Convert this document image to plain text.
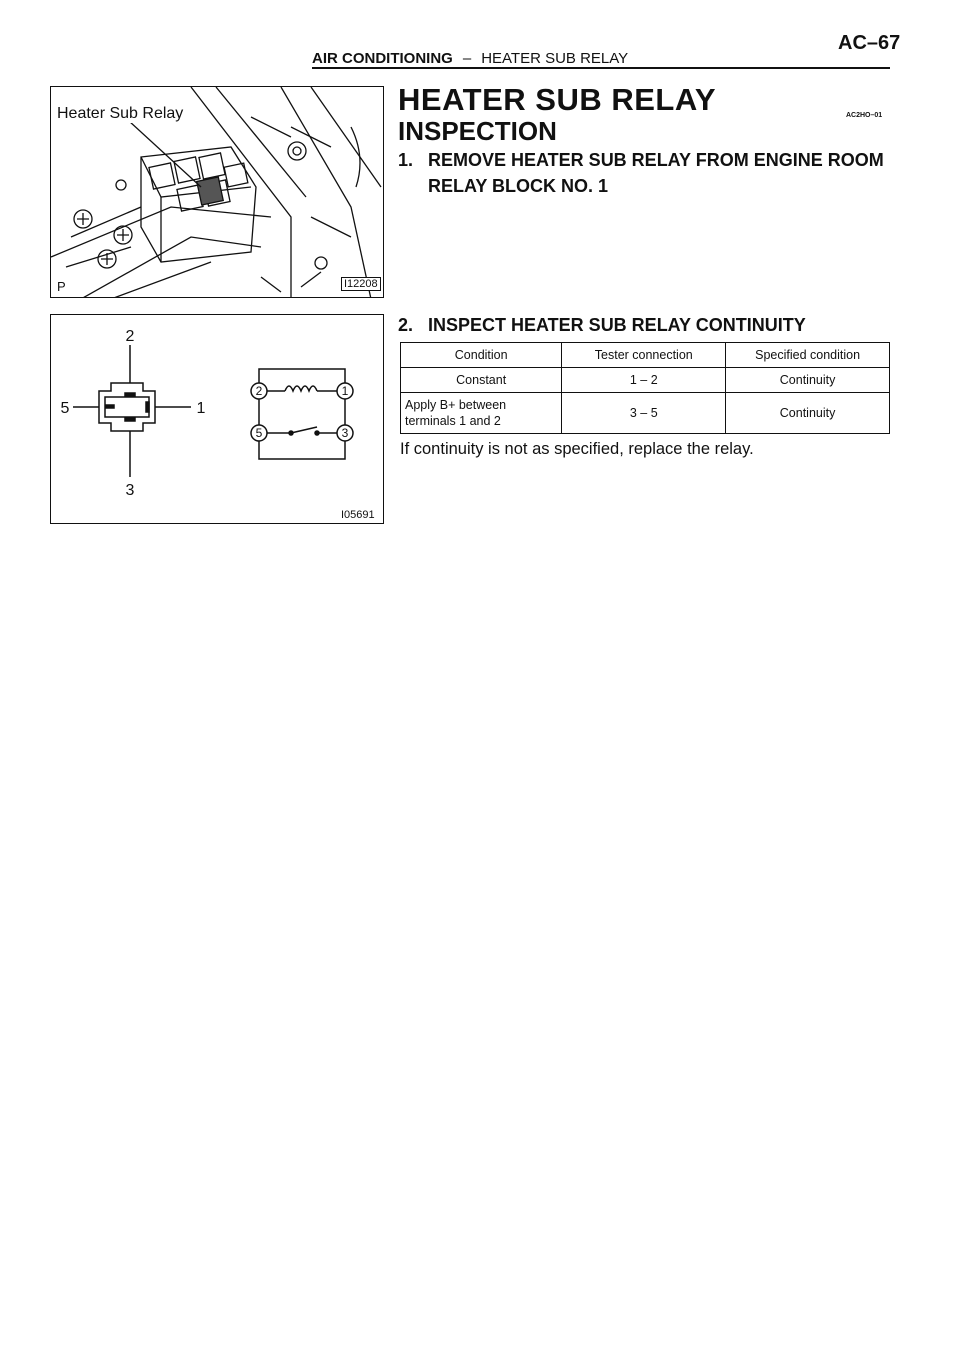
AC–67
AIR CONDITIONING – HEATER SUB RELAY
Heater Sub Relay
P	I12208
2	1
5	3
2
5	1
3
I05691
HEATER SUB RELAY	AC2HO–01
INSPECTION
1. REMOVE HEATER SUB RELAY FROM ENGINE ROOM
RELAY BLOCK NO. 1
2. INSPECT HEATER SUB RELAY CONTINUITY
Condition	Tester connection	Specified condition
Constant	1 – 2	Continuity
Apply B+ between
terminals 1 and 2	3 – 5	Continuity
If continuity is not as specified, replace the relay.
